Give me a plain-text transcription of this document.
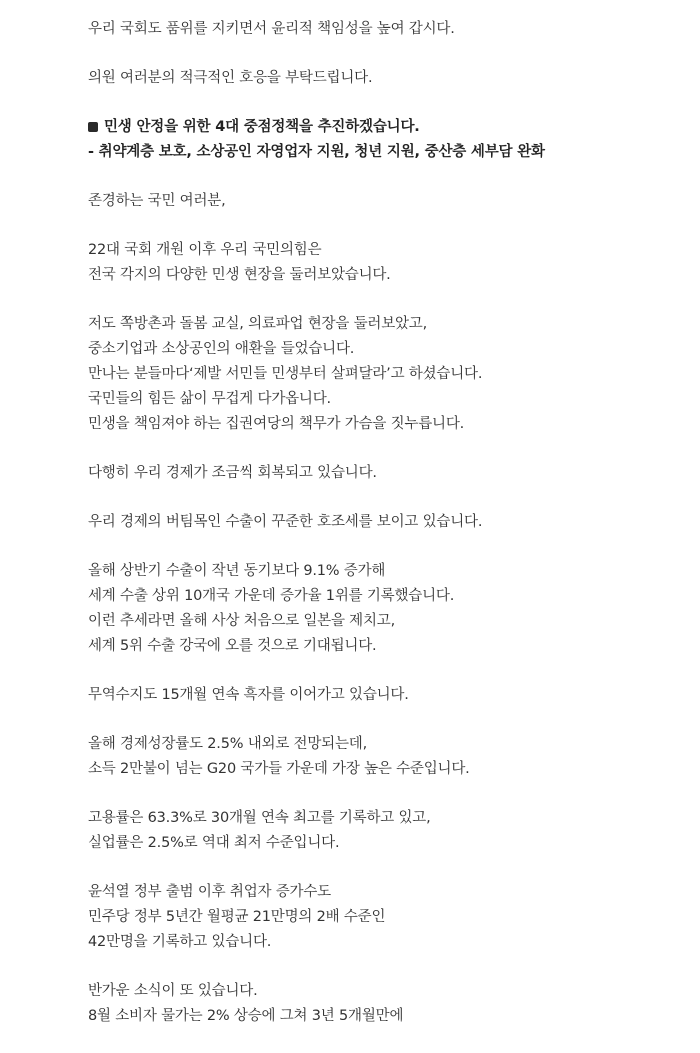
우리 국회도 품위를 지키면서 윤리적 책임성을 높여 갑시다.
의원 여러분의 적극적인 호응을 부탁드립니다.
민생 안정을 위한 4대 중점정책을 추진하겠습니다.
- 취약계층 보호, 소상공인 자영업자 지원, 청년 지원, 중산층 세부담 완화
존경하는 국민 여러분,
22대 국회 개원 이후 우리 국민의힘은
전국 각지의 다양한 민생 현장을 둘러보았습니다.
저도 쪽방촌과 돌봄 교실, 의료파업 현장을 둘러보았고,
중소기업과 소상공인의 애환을 들었습니다.
만나는 분들마다‘제발 서민들 민생부터 살펴달라’고 하셨습니다.
국민들의 힘든 삶이 무겁게 다가옵니다.
민생을 책임져야 하는 집권여당의 책무가 가슴을 짓누릅니다.
다행히 우리 경제가 조금씩 회복되고 있습니다.
우리 경제의 버팀목인 수출이 꾸준한 호조세를 보이고 있습니다.
올해 상반기 수출이 작년 동기보다 9.1% 증가해
세계 수출 상위 10개국 가운데 증가율 1위를 기록했습니다.
이런 추세라면 올해 사상 처음으로 일본을 제치고,
세계 5위 수출 강국에 오를 것으로 기대됩니다.
무역수지도 15개월 연속 흑자를 이어가고 있습니다.
올해 경제성장률도 2.5% 내외로 전망되는데,
소득 2만불이 넘는 G20 국가들 가운데 가장 높은 수준입니다.
고용률은 63.3%로 30개월 연속 최고를 기록하고 있고,
실업률은 2.5%로 역대 최저 수준입니다.
윤석열 정부 출범 이후 취업자 증가수도
민주당 정부 5년간 월평균 21만명의 2배 수준인
42만명을 기록하고 있습니다.
반가운 소식이 또 있습니다.
8월 소비자 물가는 2% 상승에 그쳐 3년 5개월만에
